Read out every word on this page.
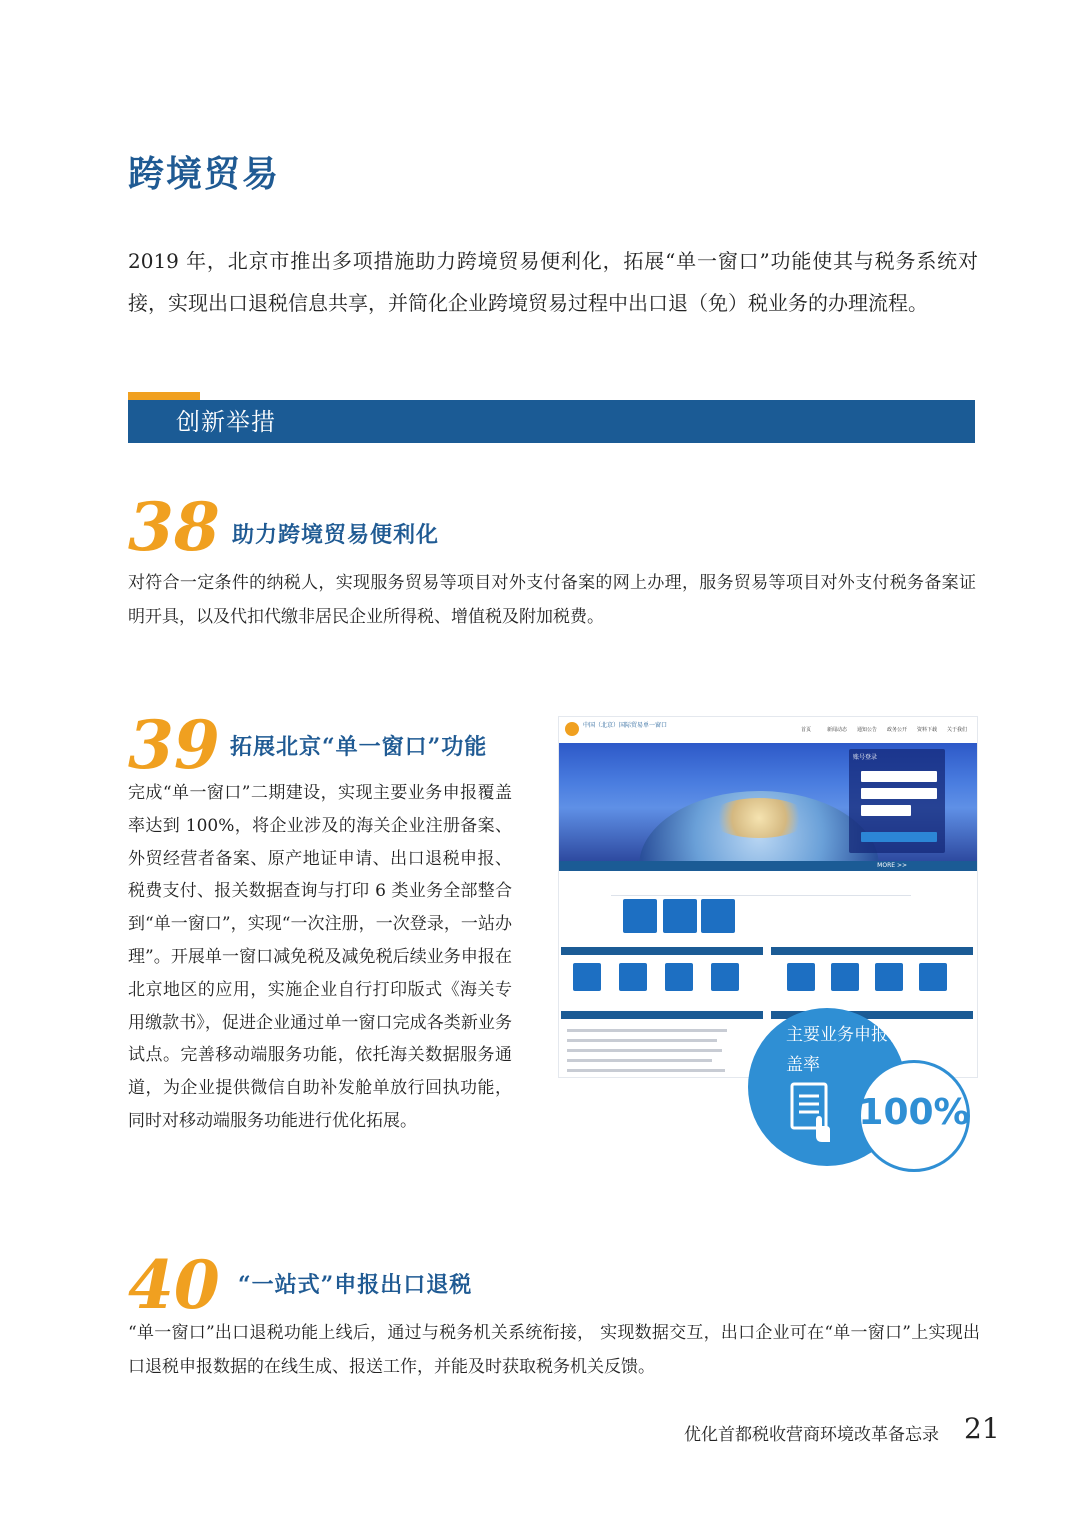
跨境贸易
2019 年，北京市推出多项措施助力跨境贸易便利化，拓展“单一窗口”功能使其与税务系统对接，实现出口退税信息共享，并简化企业跨境贸易过程中出口退（免）税业务的办理流程。
创新举措
38 助力跨境贸易便利化
对符合一定条件的纳税人，实现服务贸易等项目对外支付备案的网上办理，服务贸易等项目对外支付税务备案证明开具，以及代扣代缴非居民企业所得税、增值税及附加税费。
39 拓展北京“单一窗口”功能
完成“单一窗口”二期建设，实现主要业务申报覆盖率达到 100%，将企业涉及的海关企业注册备案、外贸经营者备案、原产地证申请、出口退税申报、税费支付、报关数据查询与打印 6 类业务全部整合到“单一窗口”，实现“一次注册，一次登录，一站办理”。开展单一窗口减免税及减免税后续业务申报在北京地区的应用，实施企业自行打印版式《海关专用缴款书》，促进企业通过单一窗口完成各类新业务试点。完善移动端服务功能，依托海关数据服务通道，为企业提供微信自助补发舱单放行回执功能，同时对移动端服务功能进行优化拓展。
中国（北京）国际贸易单一窗口
首页	新闻动态 通知公告 政务公开 资料下载 关于我们
账号登录
MORE >>
主要业务申报覆盖率
100%
40 “一站式”申报出口退税
“单一窗口”出口退税功能上线后，通过与税务机关系统衔接， 实现数据交互，出口企业可在“单一窗口”上实现出口退税申报数据的在线生成、报送工作，并能及时获取税务机关反馈。
优化首都税收营商环境改革备忘录 21
